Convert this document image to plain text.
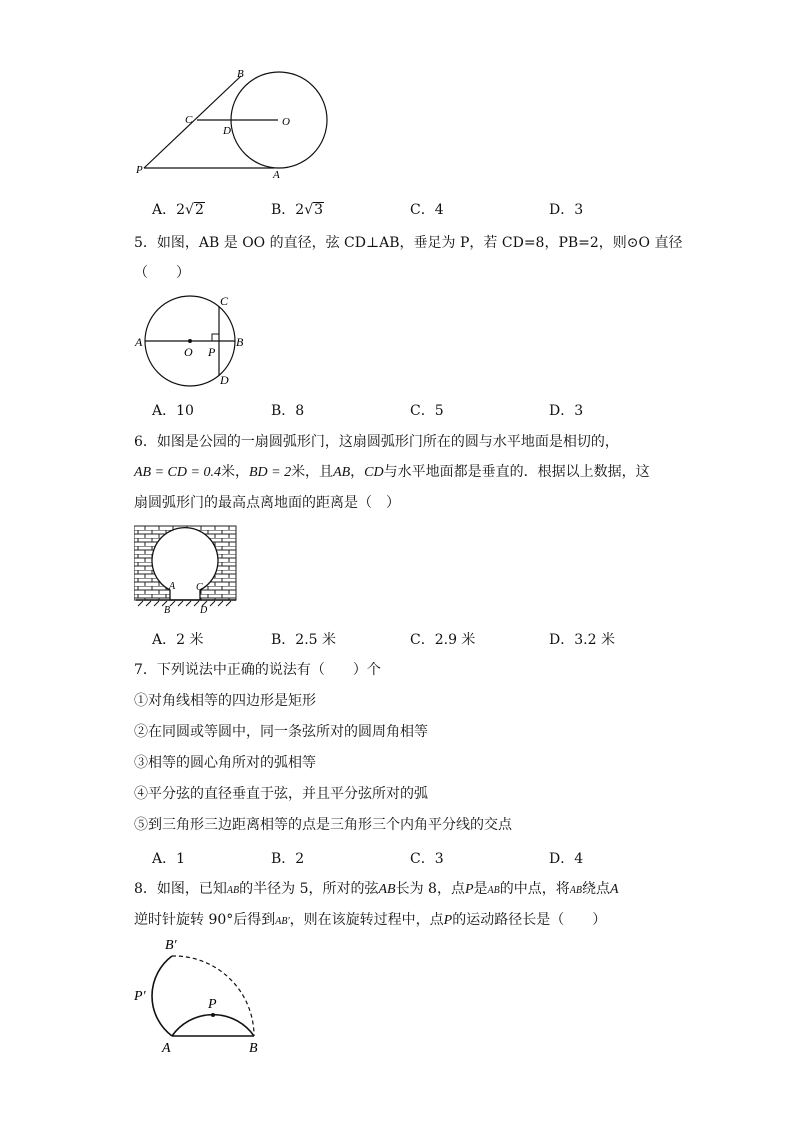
B
C
D
O
P	A
A．2√2	B．2√3	C．4	D．3
5．如图，AB 是 OO 的直径，弦 CD⊥AB，垂足为 P，若 CD=8，PB=2，则⊙O 直径
（　　）
A
O P
B
C
D
A．10	B．8	C．5	D．3
6．如图是公园的一扇圆弧形门，这扇圆弧形门所在的圆与水平地面是相切的，
AB = CD = 0.4米，BD = 2米，且AB，CD与水平地面都是垂直的．根据以上数据，这
扇圆弧形门的最高点离地面的距离是（　）
A C
B	D
A．2 米	B．2.5 米	C．2.9 米	D．3.2 米
7．下列说法中正确的说法有（　　）个
①对角线相等的四边形是矩形
②在同圆或等圆中，同一条弦所对的圆周角相等
③相等的圆心角所对的弧相等
④平分弦的直径垂直于弦，并且平分弦所对的弧
⑤到三角形三边距离相等的点是三角形三个内角平分线的交点
A．1	B．2	C．3	D．4
8．如图，已知AB的半径为 5，所对的弦AB长为 8，点P是AB的中点，将AB绕点A
逆时针旋转 90°后得到AB′，则在该旋转过程中，点P的运动路径长是（　　）
B′
P′
P
A	B
